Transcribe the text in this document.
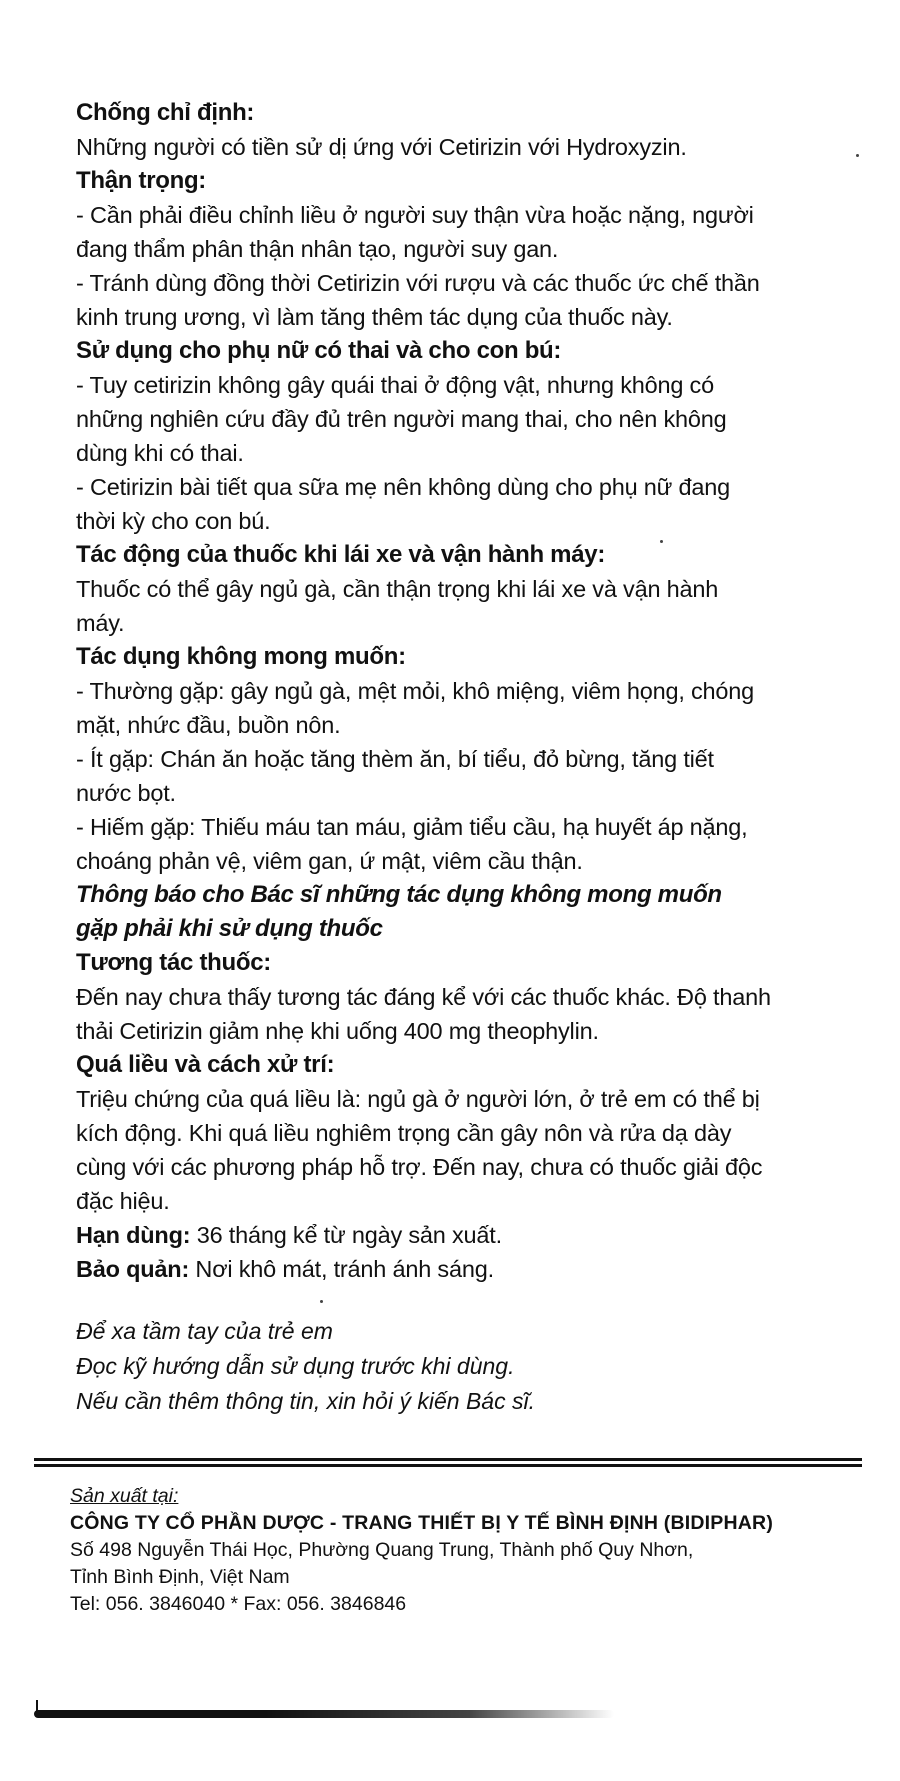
Chống chỉ định:
Những người có tiền sử dị ứng với Cetirizin với Hydroxyzin.
Thận trọng:
- Cần phải điều chỉnh liều ở người suy thận vừa hoặc nặng, người
đang thẩm phân thận nhân tạo, người suy gan.
- Tránh dùng đồng thời Cetirizin với rượu và các thuốc ức chế thần
kinh trung ương, vì làm tăng thêm tác dụng của thuốc này.
Sử dụng cho phụ nữ có thai và cho con bú:
- Tuy cetirizin không gây quái thai ở động vật, nhưng không có
những nghiên cứu đầy đủ trên người mang thai, cho nên không
dùng khi có thai.
- Cetirizin bài tiết qua sữa mẹ nên không dùng cho phụ nữ đang
thời kỳ cho con bú.
Tác động của thuốc khi lái xe và vận hành máy:
Thuốc có thể gây ngủ gà, cần thận trọng khi lái xe và vận hành
máy.
Tác dụng không mong muốn:
- Thường gặp: gây ngủ gà, mệt mỏi, khô miệng, viêm họng, chóng
mặt, nhức đầu, buồn nôn.
- Ít gặp: Chán ăn hoặc tăng thèm ăn, bí tiểu, đỏ bừng, tăng tiết
nước bọt.
- Hiếm gặp: Thiếu máu tan máu, giảm tiểu cầu, hạ huyết áp nặng,
choáng phản vệ, viêm gan, ứ mật, viêm cầu thận.
Thông báo cho Bác sĩ những tác dụng không mong muốn
gặp phải khi sử dụng thuốc
Tương tác thuốc:
Đến nay chưa thấy tương tác đáng kể với các thuốc khác. Độ thanh
thải Cetirizin giảm nhẹ khi uống 400 mg theophylin.
Quá liều và cách xử trí:
Triệu chứng của quá liều là: ngủ gà ở người lớn, ở trẻ em có thể bị
kích động. Khi quá liều nghiêm trọng cần gây nôn và rửa dạ dày
cùng với các phương pháp hỗ trợ. Đến nay, chưa có thuốc giải độc
đặc hiệu.
Hạn dùng: 36 tháng kể từ ngày sản xuất.
Bảo quản: Nơi khô mát, tránh ánh sáng.
Để xa tầm tay của trẻ em
Đọc kỹ hướng dẫn sử dụng trước khi dùng.
Nếu cần thêm thông tin, xin hỏi ý kiến Bác sĩ.
Sản xuất tại:
CÔNG TY CỔ PHẦN DƯỢC - TRANG THIẾT BỊ Y TẾ BÌNH ĐỊNH (BIDIPHAR)
Số 498 Nguyễn Thái Học, Phường Quang Trung, Thành phố Quy Nhơn,
Tỉnh Bình Định, Việt Nam
Tel: 056. 3846040 * Fax: 056. 3846846
